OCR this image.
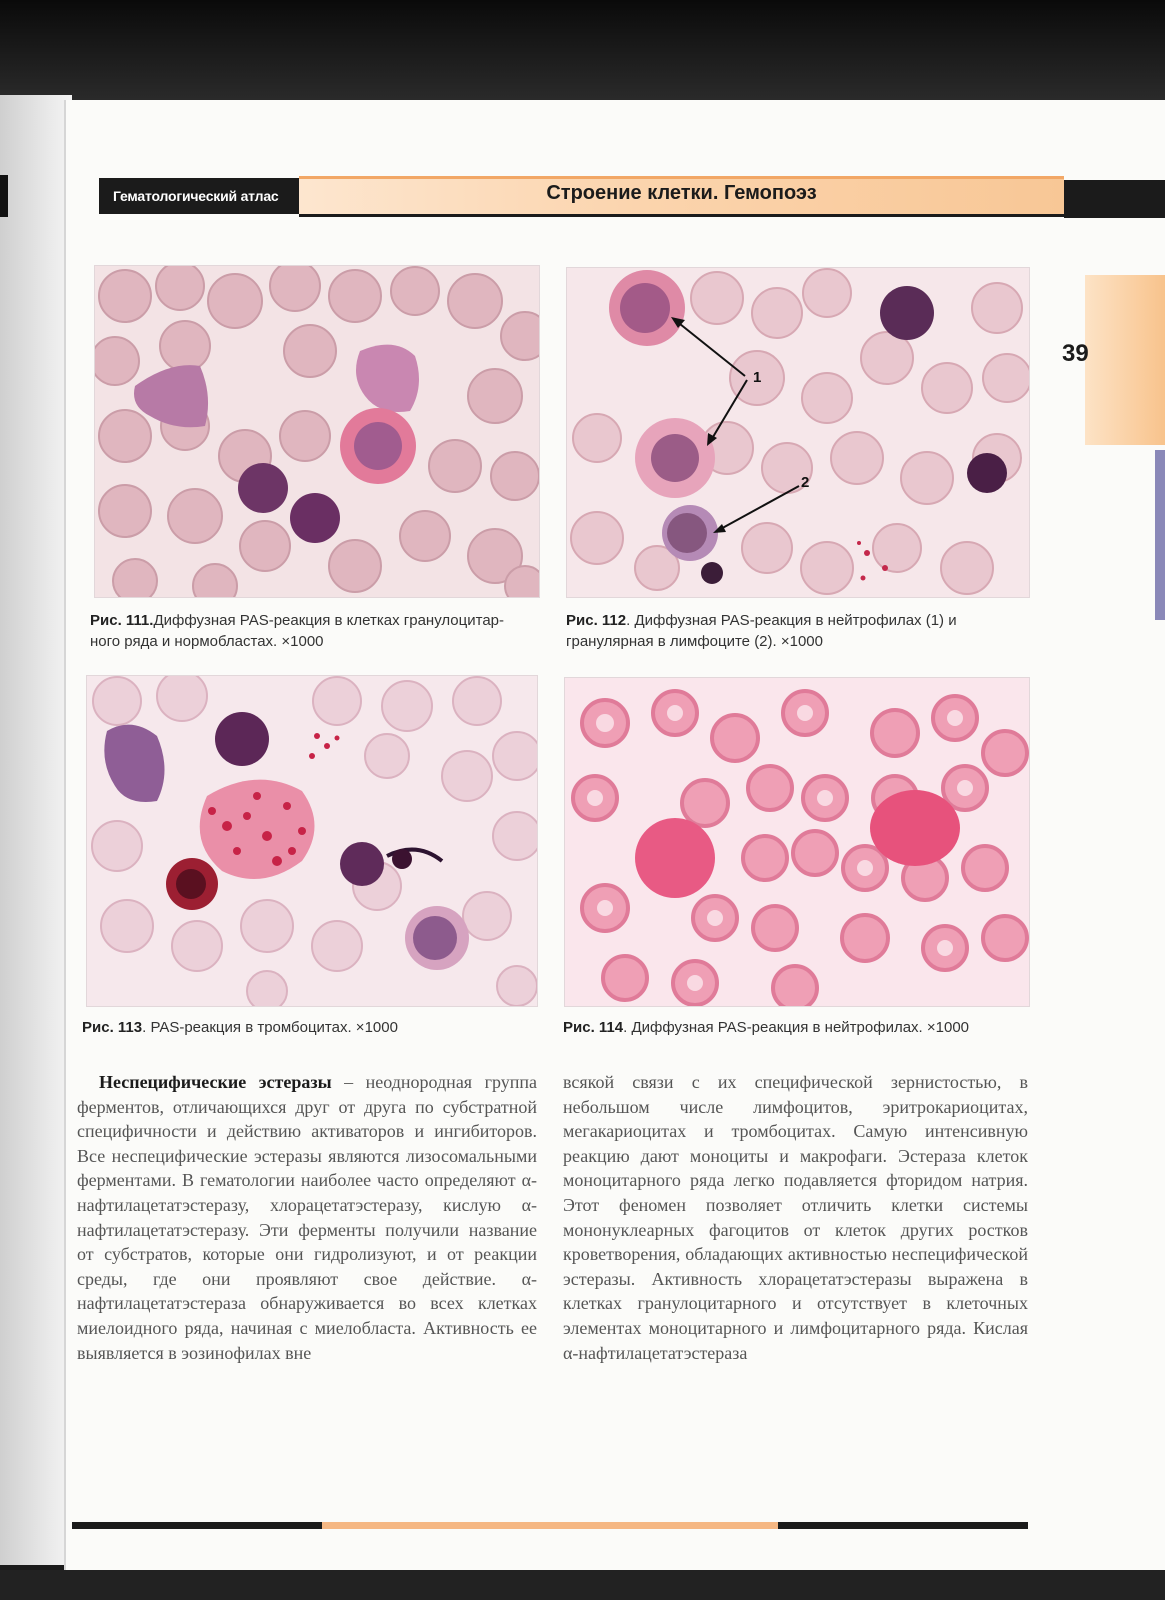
Гематологический атлас	Строение клетки. Гемопоэз
39
Рис. 111.Диффузная PAS-реакция в клетках гранулоцитар-
ного ряда и нормобластах. ×1000
1
2
Рис. 112. Диффузная PAS-реакция в нейтрофилах (1) и
гранулярная в лимфоците (2). ×1000
Рис. 113. PAS-реакция в тромбоцитах. ×1000	Рис. 114. Диффузная PAS-реакция в нейтрофилах. ×1000

Неспецифические эстеразы – неоднородная группа ферментов, отличающихся друг от друга по субстратной специфичности и действию активаторов и ингибиторов. Все неспецифические эстеразы являются лизосомальными ферментами. В гематологии наиболее часто определяют α-нафтилацетатэстеразу, хлорацетатэстеразу, кислую α-нафтилацетатэстеразу. Эти ферменты получили название от субстратов, которые они гидролизуют, и от реакции среды, где они проявляют свое действие. α-нафтилацетатэстераза обнаруживается во всех клетках миелоидного ряда, начиная с миелобласта. Активность ее выявляется в эозинофилах вне

всякой связи с их специфической зернистостью, в небольшом числе лимфоцитов, эритрокариоцитах, мегакариоцитах и тромбоцитах. Самую интенсивную реакцию дают моноциты и макрофаги. Эстераза клеток моноцитарного ряда легко подавляется фторидом натрия. Этот феномен позволяет отличить клетки системы мононуклеарных фагоцитов от клеток других ростков кроветворения, обладающих активностью неспецифической эстеразы. Активность хлорацетатэстеразы выражена в клетках гранулоцитарного и отсутствует в клеточных элементах моноцитарного и лимфоцитарного ряда. Кислая α-нафтилацетатэстераза
